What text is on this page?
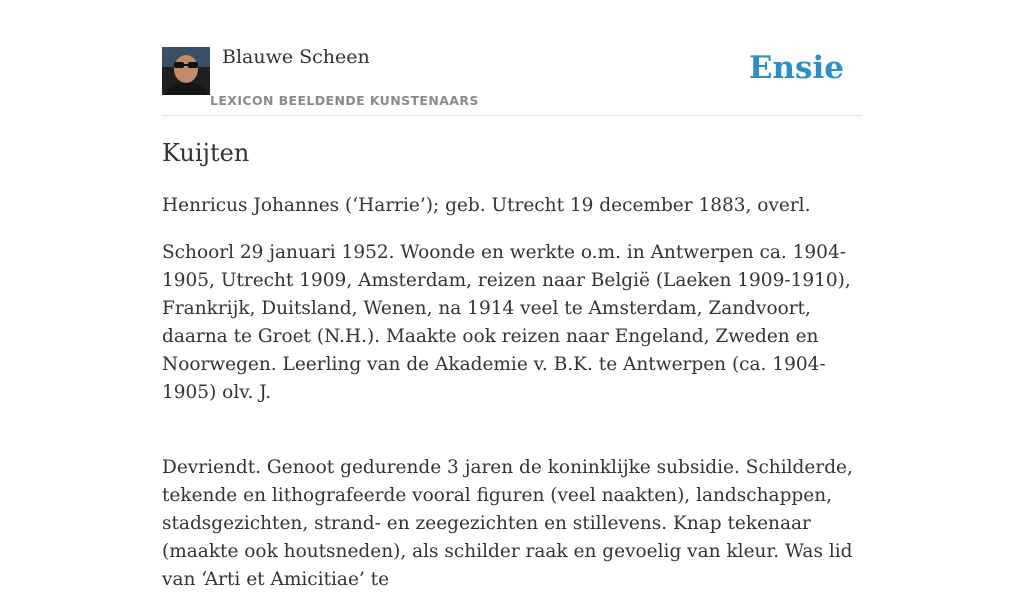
Blauwe Scheen
LEXICON BEELDENDE KUNSTENAARS
Ensie
Kuijten

Henricus Johannes (‘Harrie’); geb. Utrecht 19 december 1883, overl.

Schoorl 29 januari 1952. Woonde en werkte o.m. in Antwerpen ca. 1904-1905, Utrecht 1909, Amsterdam, reizen naar België (Laeken 1909-1910), Frankrijk, Duitsland, Wenen, na 1914 veel te Amsterdam, Zandvoort, daarna te Groet (N.H.). Maakte ook reizen naar Engeland, Zweden en Noorwegen. Leerling van de Akademie v. B.K. te Antwerpen (ca. 1904-1905) olv. J.

Devriendt. Genoot gedurende 3 jaren de koninklijke subsidie. Schilderde, tekende en lithografeerde vooral figuren (veel naakten), landschappen, stadsgezichten, strand- en zeegezichten en stillevens. Knap tekenaar (maakte ook houtsneden), als schilder raak en gevoelig van kleur. Was lid van ‘Arti et Amicitiae’ te
